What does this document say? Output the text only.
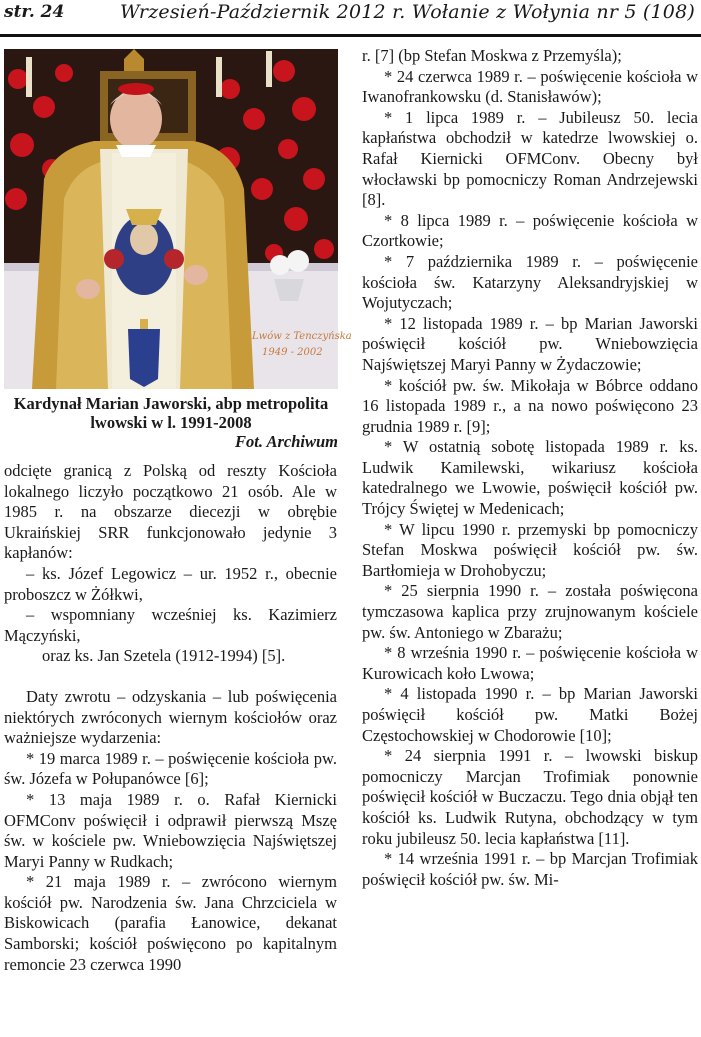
str. 24	Wrzesień-Październik 2012 r. Wołanie z Wołynia nr 5 (108)
Lwów z Tenczyńska
1949 - 2002
Kardynał Marian Jaworski, abp metropolita lwowski w l. 1991-2008
Fot. Archiwum

odcięte granicą z Polską od reszty Kościoła lokalnego liczyło początkowo 21 osób. Ale w 1985 r. na obszarze diecezji w obrębie Ukraińskiej SRR funkcjonowało jedynie 3 kapłanów:

– ks. Józef Legowicz – ur. 1952 r., obecnie proboszcz w Żółkwi,

– wspomniany wcześniej ks. Kazimierz Mączyński,

oraz ks. Jan Szetela (1912-1994) [5].

Daty zwrotu – odzyskania – lub poświęcenia niektórych zwróconych wiernym kościołów oraz ważniejsze wydarzenia:

* 19 marca 1989 r. – poświęcenie kościoła pw. św. Józefa w Połupanówce [6];

* 13 maja 1989 r. o. Rafał Kiernicki OFMConv poświęcił i odprawił pierwszą Mszę św. w kościele pw. Wniebowzięcia Najświętszej Maryi Panny w Rudkach;

* 21 maja 1989 r. – zwrócono wiernym kościół pw. Narodzenia św. Jana Chrzciciela w Biskowicach (parafia Łanowice, dekanat Samborski; kościół poświęcono po kapitalnym remoncie 23 czerwca 1990

r. [7] (bp Stefan Moskwa z Przemyśla);

* 24 czerwca 1989 r. – poświęcenie kościoła w Iwanofrankowsku (d. Stanisławów);

* 1 lipca 1989 r. – Jubileusz 50. lecia kapłaństwa obchodził w katedrze lwowskiej o. Rafał Kiernicki OFMConv. Obecny był włocławski bp pomocniczy Roman Andrzejewski [8].

* 8 lipca 1989 r. – poświęcenie kościoła w Czortkowie;

* 7 października 1989 r. – poświęcenie kościoła św. Katarzyny Aleksandryjskiej w Wojutyczach;

* 12 listopada 1989 r. – bp Marian Jaworski poświęcił kościół pw. Wniebowzięcia Najświętszej Maryi Panny w Żydaczowie;

* kościół pw. św. Mikołaja w Bóbrce oddano 16 listopada 1989 r., a na nowo poświęcono 23 grudnia 1989 r. [9];

* W ostatnią sobotę listopada 1989 r. ks. Ludwik Kamilewski, wikariusz kościoła katedralnego we Lwowie, poświęcił kościół pw. Trójcy Świętej w Medenicach;

* W lipcu 1990 r. przemyski bp pomocniczy Stefan Moskwa poświęcił kościół pw. św. Bartłomieja w Drohobyczu;

* 25 sierpnia 1990 r. – została poświęcona tymczasowa kaplica przy zrujnowanym kościele pw. św. Antoniego w Zbarażu;

* 8 września 1990 r. – poświęcenie kościoła w Kurowicach koło Lwowa;

* 4 listopada 1990 r. – bp Marian Jaworski poświęcił kościół pw. Matki Bożej Częstochowskiej w Chodorowie [10];

* 24 sierpnia 1991 r. – lwowski biskup pomocniczy Marcjan Trofimiak ponownie poświęcił kościół w Buczaczu. Tego dnia objął ten kościół ks. Ludwik Rutyna, obchodzący w tym roku jubileusz 50. lecia kapłaństwa [11].

* 14 września 1991 r. – bp Marcjan Trofimiak poświęcił kościół pw. św. Mi-
